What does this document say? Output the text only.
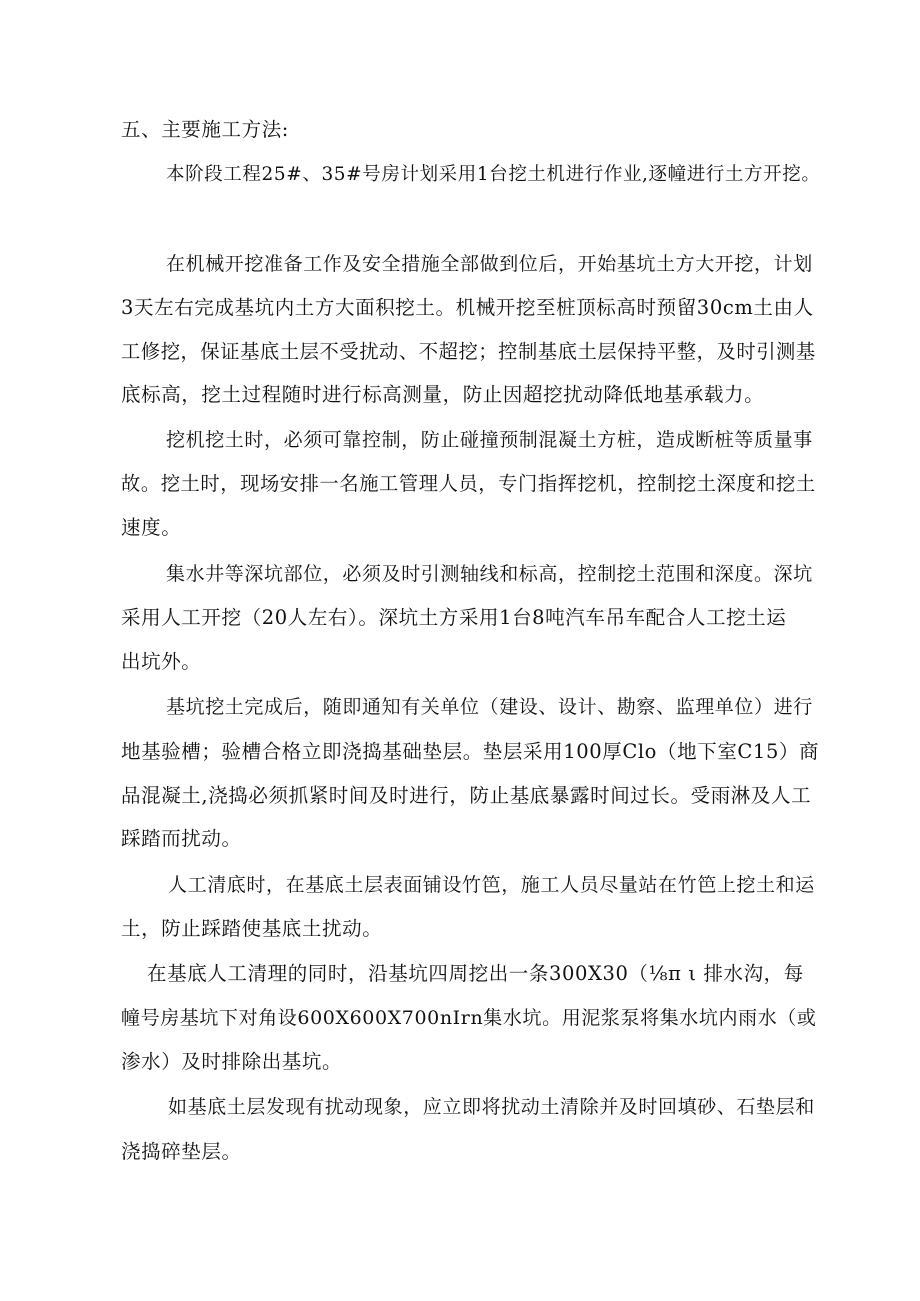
五、主要施工方法:
本阶段工程25#、35#号房计划采用1台挖土机进行作业,逐幢进行土方开挖。
在机械开挖准备工作及安全措施全部做到位后，开始基坑土方大开挖，计划
3天左右完成基坑内土方大面积挖土。机械开挖至桩顶标高时预留30cm土由人
工修挖，保证基底土层不受扰动、不超挖；控制基底土层保持平整，及时引测基
底标高，挖土过程随时进行标高测量，防止因超挖扰动降低地基承载力。
挖机挖土时，必须可靠控制，防止碰撞预制混凝土方桩，造成断桩等质量事
故。挖土时，现场安排一名施工管理人员，专门指挥挖机，控制挖土深度和挖土
速度。
集水井等深坑部位，必须及时引测轴线和标高，控制挖土范围和深度。深坑
采用人工开挖（20人左右）。深坑土方采用1台8吨汽车吊车配合人工挖土运
出坑外。
基坑挖土完成后，随即通知有关单位（建设、设计、勘察、监理单位）进行
地基验槽；验槽合格立即浇捣基础垫层。垫层采用100厚Clo（地下室C15）商
品混凝土,浇捣必须抓紧时间及时进行，防止基底暴露时间过长。受雨淋及人工
踩踏而扰动。
人工清底时，在基底土层表面铺设竹笆，施工人员尽量站在竹笆上挖土和运
土，防止踩踏使基底土扰动。
在基底人工清理的同时，沿基坑四周挖出一条300X30（⅛π ι 排水沟，每
幢号房基坑下对角设600X600X700nIrn集水坑。用泥浆泵将集水坑内雨水（或
渗水）及时排除出基坑。
如基底土层发现有扰动现象，应立即将扰动土清除并及时回填砂、石垫层和
浇捣碎垫层。
